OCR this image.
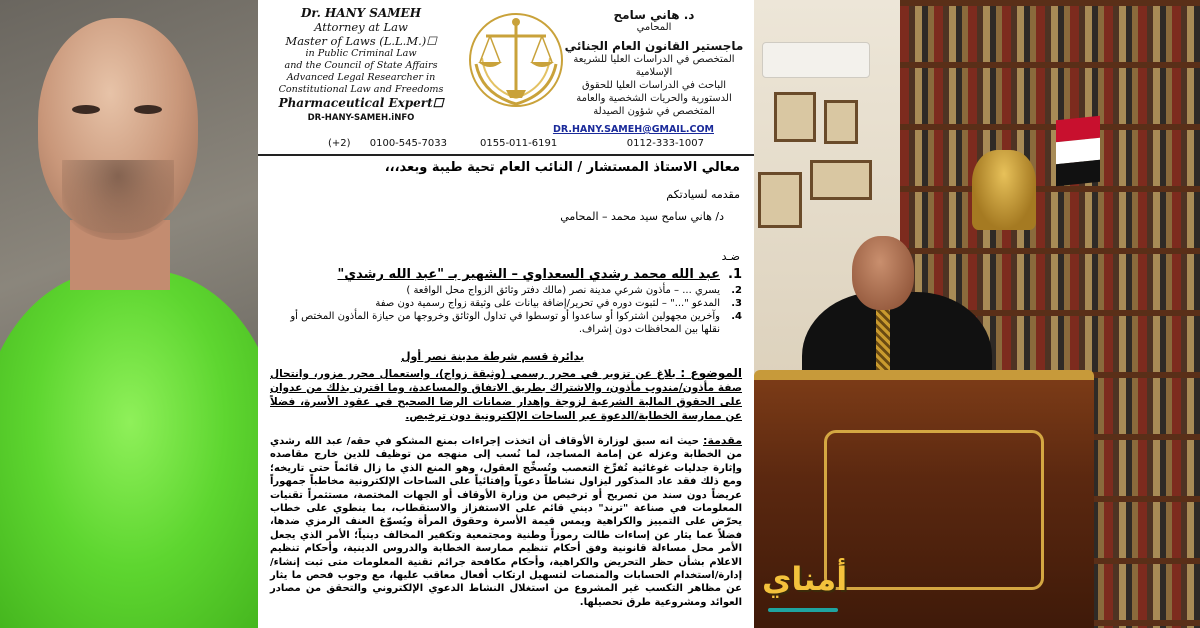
Dr. HANY SAMEH
Attorney at Law
Master of Laws (L.L.M.)☐
in Public Criminal Law
and the Council of State Affairs
Advanced Legal Researcher in
Constitutional Law and Freedoms
Pharmaceutical Expert☐
DR-HANY-SAMEH.iNFO
(+2) 0100-545-7033	0155-011-6191
د. هاني سامح
المحامي
ماجستير القانون العام الجنائي
المتخصص في الدراسات العليا للشريعة الإسلامية
الباحث في الدراسات العليا للحقوق
الدستورية والحريات الشخصية والعامة
المتخصص في شؤون الصيدلة
DR.HANY.SAMEH@GMAIL.COM
0112-333-1007
معالي الاستاذ المستشار / النائب العام تحية طيبة وبعد،،،
مقدمه لسيادتكم
د/ هاني سامح سيد محمد – المحامي
ضـد
1.
عبد الله محمد رشدي السعداوي – الشهير بـ "عبد الله رشدي"
2.
يسري ... – مأذون شرعي مدينة نصر (مالك دفتر وثائق الزواج محل الواقعة )
3.
المدعو "..." – لثبوت دوره في تحرير/إضافة بيانات على وثيقة زواج رسمية دون صفة
4.
وآخرين مجهولين اشتركوا أو ساعدوا أو توسطوا في تداول الوثائق وخروجها من حيازة المأذون المختص أو نقلها بين المحافظات دون إشراف.
بدائرة قسم شرطة مدينة نصر أول
الموضوع : بلاغ عن تزوير في محرر رسمي (وثيقة زواج)، واستعمال محرر مزور، وانتحال صفة مأذون/مندوب مأذون، والاشتراك بطريق الاتفاق والمساعدة، وما اقترن بذلك من عدوان على الحقوق المالية الشرعية لزوجة وإهدار ضمانات الرضا الصحيح في عقود الأسرة، فضلاً عن ممارسة الخطابة/الدعوة عبر الساحات الإلكترونية دون ترخيص.
مقدمة: حيث انه سبق لوزارة الأوقاف أن اتخذت إجراءات بمنع المشكو في حقه/ عبد الله رشدي من الخطابة وعزله عن إمامة المساجد، لما نُسب إلى منهجه من توظيف للدين خارج مقاصده وإثارة جدليات غوغائية تُفرِّخ التعصب وتُسخِّج العقول، وهو المنع الذي ما زال قائماً حتى تاريخه؛ ومع ذلك فقد عاد المذكور ليزاول نشاطاً دعوياً وإفتائياً على الساحات الإلكترونية مخاطباً جمهوراً عريضاً دون سند من تصريح أو ترخيص من وزارة الأوقاف أو الجهات المختصة، مستثمراً تقنيات المعلومات في صناعة "ترند" ديني قائم على الاستفزاز والاستقطاب، بما ينطوي على خطاب يحرّض على التمييز والكراهية ويمس قيمة الأسرة وحقوق المرأة ويُسوّغ العنف الرمزي ضدها، فضلاً عما يثار عن إساءات طالت رموزاً وطنية ومجتمعية وتكفير المخالف دينياً؛ الأمر الذي يجعل الأمر محل مساءلة قانونية وفق أحكام تنظيم ممارسة الخطابة والدروس الدينية، وأحكام تنظيم الاعلام بشأن حظر التحريض والكراهية، وأحكام مكافحة جرائم تقنية المعلومات متى ثبت إنشاء/إدارة/استخدام الحسابات والمنصات لتسهيل ارتكاب أفعال معاقب عليها، مع وجوب فحص ما يثار عن مظاهر التكسب غير المشروع من استغلال النشاط الدعوي الإلكتروني والتحقق من مصادر العوائد ومشروعية طرق تحصيلها.
أمناي
